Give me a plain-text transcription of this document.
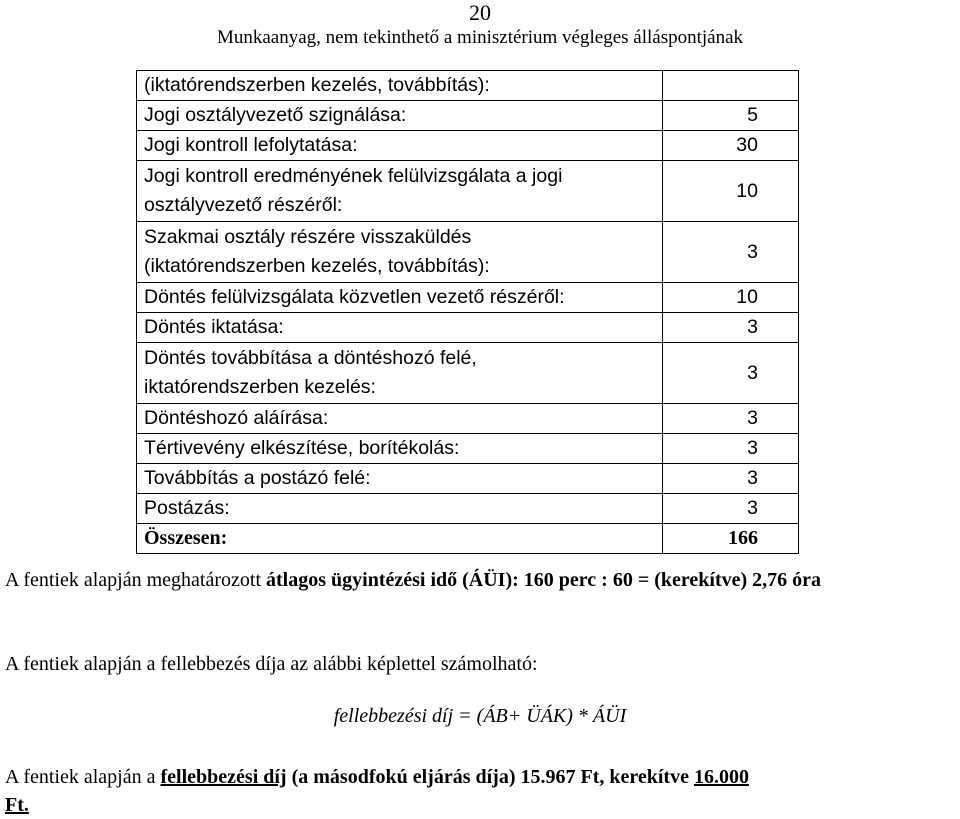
20
Munkaanyag, nem tekinthető a minisztérium végleges álláspontjának
(iktatórendszerben kezelés, továbbítás):	
Jogi osztályvezető szignálása:	5
Jogi kontroll lefolytatása:	30

Jogi kontroll eredményének felülvizsgálata a jogi
osztályvezető részéről:	10

Szakmai osztály részére visszaküldés
(iktatórendszerben kezelés, továbbítás):	3
Döntés felülvizsgálata közvetlen vezető részéről:	10
Döntés iktatása:	3

Döntés továbbítása a döntéshozó felé,
iktatórendszerben kezelés:	3
Döntéshozó aláírása:	3
Tértivevény elkészítése, borítékolás:	3
Továbbítás a postázó felé:	3
Postázás:	3
Összesen:	166
A fentiek alapján meghatározott átlagos ügyintézési idő (ÁÜI): 160 perc : 60 = (kerekítve) 2,76 óra
A fentiek alapján a fellebbezés díja az alábbi képlettel számolható:
fellebbezési díj = (ÁB+ ÜÁK) * ÁÜI
A fentiek alapján a fellebbezési díj (a másodfokú eljárás díja) 15.967 Ft, kerekítve 16.000
Ft.
